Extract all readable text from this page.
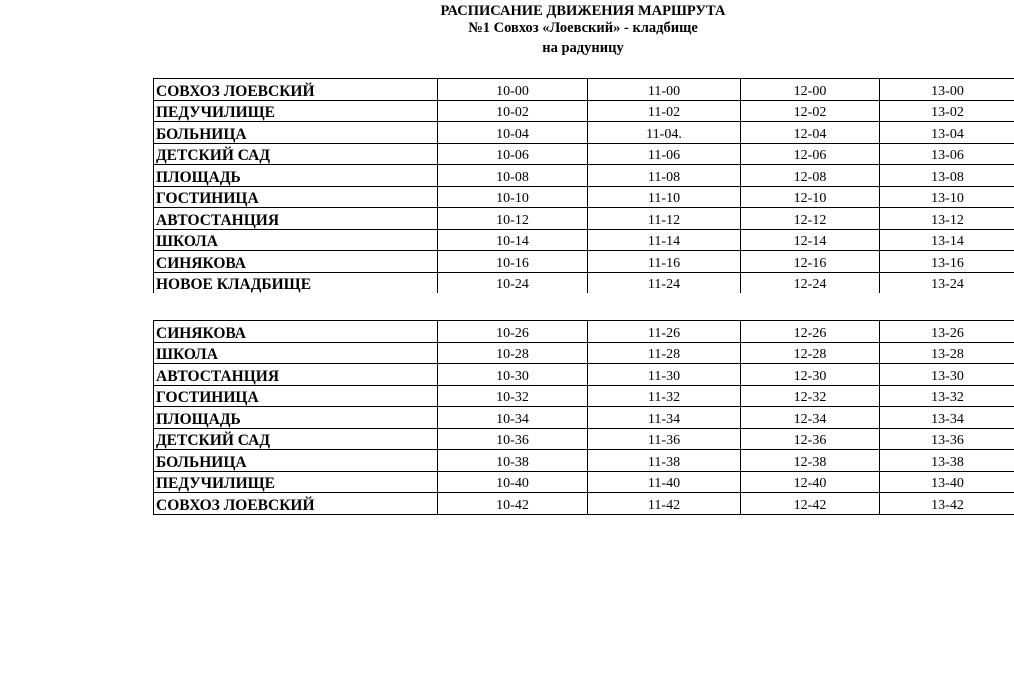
РАСПИСАНИЕ ДВИЖЕНИЯ МАРШРУТА
№1 Совхоз «Лоевский» - кладбище
на радуницу
СОВХОЗ ЛОЕВСКИЙ	10-00	11-00	12-00	13-00
ПЕДУЧИЛИЩЕ	10-02	11-02	12-02	13-02
БОЛЬНИЦА	10-04	11-04.	12-04	13-04
ДЕТСКИЙ САД	10-06	11-06	12-06	13-06
ПЛОЩАДЬ	10-08	11-08	12-08	13-08
ГОСТИНИЦА	10-10	11-10	12-10	13-10
АВТОСТАНЦИЯ	10-12	11-12	12-12	13-12
ШКОЛА	10-14	11-14	12-14	13-14
СИНЯКОВА	10-16	11-16	12-16	13-16
НОВОЕ КЛАДБИЩЕ	10-24	11-24	12-24	13-24
СИНЯКОВА	10-26	11-26	12-26	13-26
ШКОЛА	10-28	11-28	12-28	13-28
АВТОСТАНЦИЯ	10-30	11-30	12-30	13-30
ГОСТИНИЦА	10-32	11-32	12-32	13-32
ПЛОЩАДЬ	10-34	11-34	12-34	13-34
ДЕТСКИЙ САД	10-36	11-36	12-36	13-36
БОЛЬНИЦА	10-38	11-38	12-38	13-38
ПЕДУЧИЛИЩЕ	10-40	11-40	12-40	13-40
СОВХОЗ ЛОЕВСКИЙ	10-42	11-42	12-42	13-42
